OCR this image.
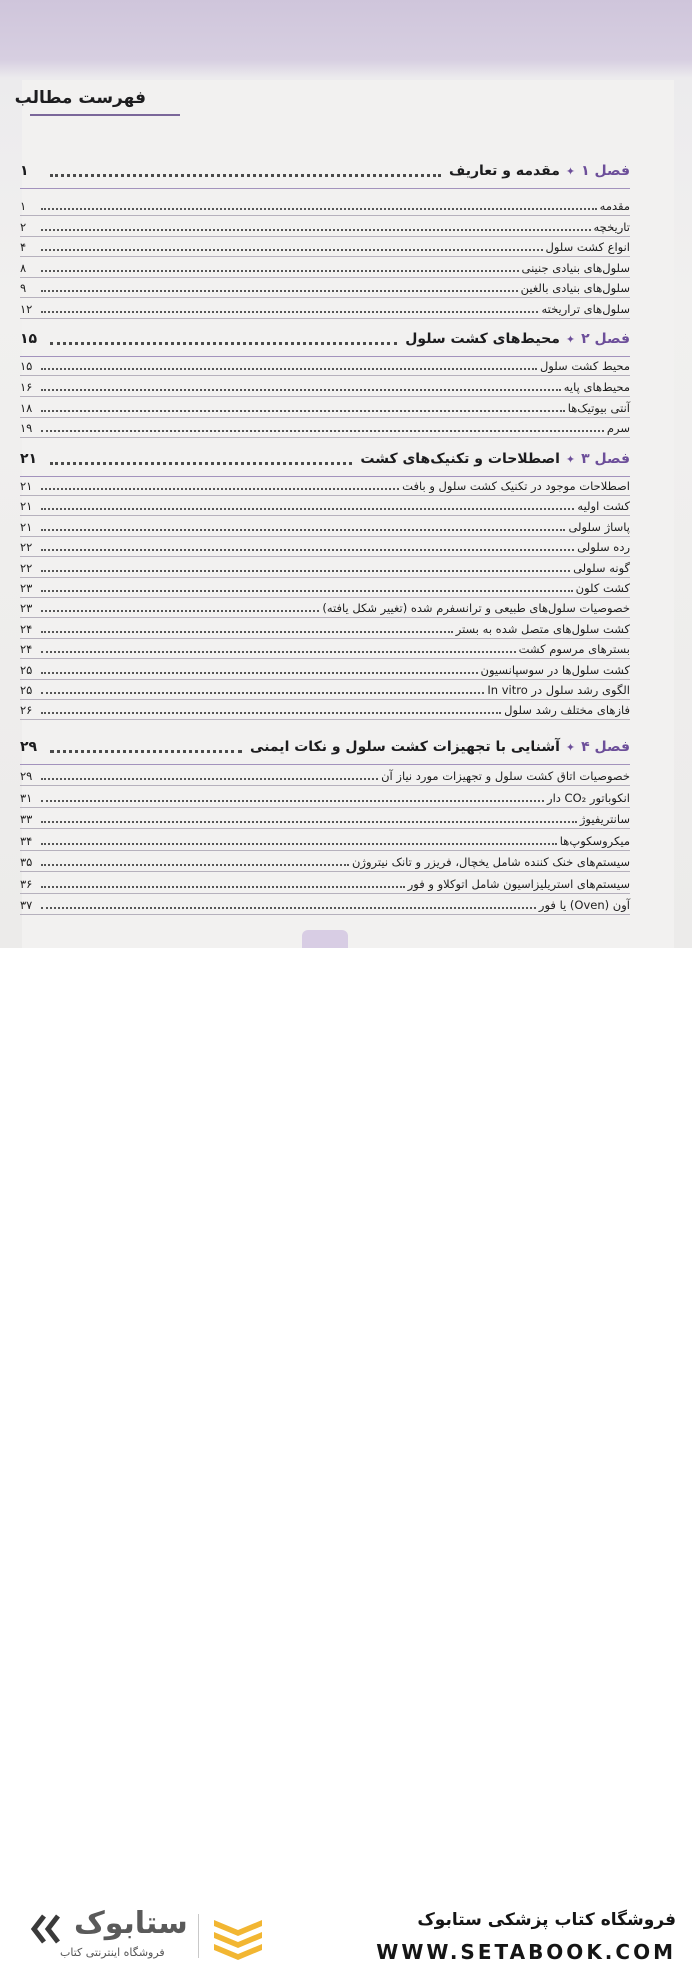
فهرست مطالب
فصل ۱
✦
مقدمه و تعاریف
۱
مقدمه
۱
تاریخچه
۲
انواع کشت سلول
۴
سلول‌های بنیادی جنینی
۸
سلول‌های بنیادی بالغین
۹
سلول‌های تراریخته
۱۲
فصل ۲
✦
محیط‌های کشت سلول
۱۵
محیط کشت سلول
۱۵
محیط‌های پایه
۱۶
آنتی بیوتیک‌ها
۱۸
سرم
۱۹
فصل ۳
✦
اصطلاحات و تکنیک‌های کشت
۲۱
اصطلاحات موجود در تکنیک کشت سلول و بافت
۲۱
کشت اولیه
۲۱
پاساژ سلولی
۲۱
رده سلولی
۲۲
گونه سلولی
۲۲
کشت کلون
۲۳
خصوصیات سلول‌های طبیعی و ترانسفرم شده (تغییر شکل یافته)
۲۳
کشت سلول‌های متصل شده به بستر
۲۴
بسترهای مرسوم کشت
۲۴
کشت سلول‌ها در سوسپانسیون
۲۵
الگوی رشد سلول در In vitro
۲۵
فازهای مختلف رشد سلول
۲۶
فصل ۴
✦
آشنایی با تجهیزات کشت سلول و نکات ایمنی
۲۹
خصوصیات اتاق کشت سلول و تجهیزات مورد نیاز آن
۲۹
انکوباتور CO₂ دار
۳۱
سانتریفیوژ
۳۳
میکروسکوپ‌ها
۳۴
سیستم‌های خنک کننده شامل یخچال، فریزر و تانک نیتروژن
۳۵
سیستم‌های استریلیزاسیون شامل اتوکلاو و فور
۳۶
آون (Oven) یا فور
۳۷
فروشگاه کتاب پزشکی ستابوک
WWW.SETABOOK.COM
ستابوک
فروشگاه اینترنتی کتاب
